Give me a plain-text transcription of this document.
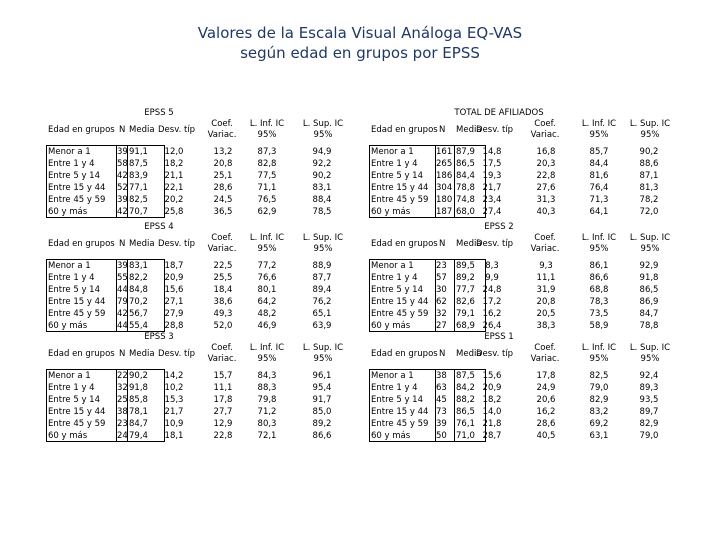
Valores de la Escala Visual Análoga EQ-VAS
según edad en grupos por EPSS
EPSS 5
Edad en grupos N Media Desv. típ
Coef. Variac.
L. Inf. IC 95%
L. Sup. IC 95%
Menor a 1	39 91,1	12,0	13,2	87,3	94,9
Entre 1 y 4	58 87,5	18,2	20,8	82,8	92,2
Entre 5 y 14 42 83,9	21,1	25,1	77,5	90,2
Entre 15 y 44 52 77,1	22,1	28,6	71,1	83,1
Entre 45 y 59 39 82,5	20,2	24,5	76,5	88,4
60 y más	42 70,7	25,8	36,5	62,9	78,5
EPSS 4
Edad en grupos N Media Desv. típ
Coef. Variac.
L. Inf. IC 95%
L. Sup. IC 95%
Menor a 1	39 83,1	18,7	22,5	77,2	88,9
Entre 1 y 4	55 82,2	20,9	25,5	76,6	87,7
Entre 5 y 14 44 84,8	15,6	18,4	80,1	89,4
Entre 15 y 44 79 70,2	27,1	38,6	64,2	76,2
Entre 45 y 59 42 56,7	27,9	49,3	48,2	65,1
60 y más	44 55,4	28,8	52,0	46,9	63,9
EPSS 3
Edad en grupos N Media Desv. típ
Coef. Variac.
L. Inf. IC 95%
L. Sup. IC 95%
Menor a 1	22 90,2	14,2	15,7	84,3	96,1
Entre 1 y 4	32 91,8	10,2	11,1	88,3	95,4
Entre 5 y 14 25 85,8	15,3	17,8	79,8	91,7
Entre 15 y 44 38 78,1	21,7	27,7	71,2	85,0
Entre 45 y 59 23 84,7	10,9	12,9	80,3	89,2
60 y más	24 79,4	18,1	22,8	72,1	86,6
TOTAL DE AFILIADOS
Edad en grupos N Media
Desv. típ
Coef. Variac.
L. Inf. IC 95%
L. Sup. IC 95%
Menor a 1	161 87,9 14,8	16,8	85,7	90,2
Entre 1 y 4 265 86,5 17,5	20,3	84,4	88,6
Entre 5 y 14 186 84,4 19,3	22,8	81,6	87,1
Entre 15 y 44 304 78,8 21,7	27,6	76,4	81,3
Entre 45 y 59 180 74,8 23,4	31,3	71,3	78,2
60 y más	187 68,0 27,4	40,3	64,1	72,0
EPSS 2
Edad en grupos N Media
Desv. típ
Coef. Variac.
L. Inf. IC 95%
L. Sup. IC 95%
Menor a 1	23	89,5	8,3	9,3	86,1	92,9
Entre 1 y 4 57	89,2	9,9	11,1	86,6	91,8
Entre 5 y 14 30	77,7 24,8	31,9	68,8	86,5
Entre 15 y 44 62	82,6 17,2	20,8	78,3	86,9
Entre 45 y 59 32	79,1 16,2	20,5	73,5	84,7
60 y más	27	68,9 26,4	38,3	58,9	78,8
EPSS 1
Edad en grupos N Media
Desv. típ
Coef. Variac.
L. Inf. IC 95%
L. Sup. IC 95%
Menor a 1	38	87,5 15,6	17,8	82,5	92,4
Entre 1 y 4 63	84,2 20,9	24,9	79,0	89,3
Entre 5 y 14 45	88,2 18,2	20,6	82,9	93,5
Entre 15 y 44 73	86,5 14,0	16,2	83,2	89,7
Entre 45 y 59 39	76,1 21,8	28,6	69,2	82,9
60 y más	50	71,0 28,7	40,5	63,1	79,0
